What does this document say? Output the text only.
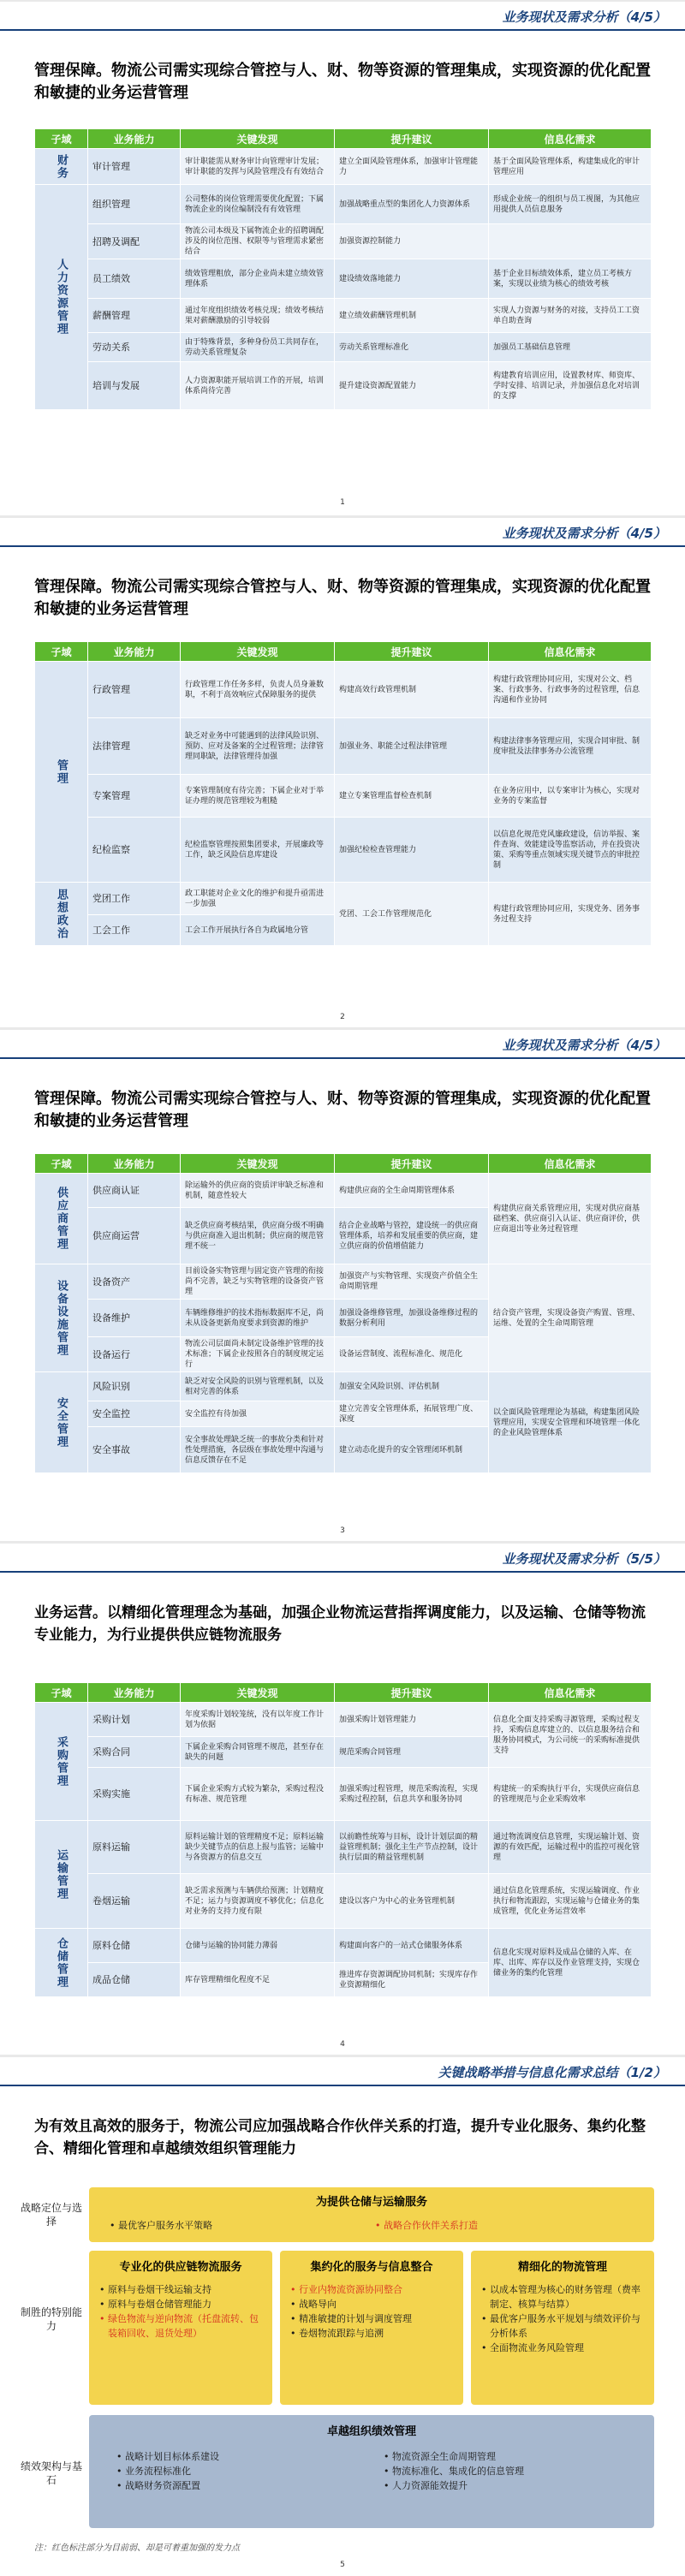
业务现状及需求分析（4/5）
管理保障。物流公司需实现综合管控与人、财、物等资源的管理集成，实现资源的优化配置和敏捷的业务运营管理
子域	业务能力	关键发现	提升建议	信息化需求
财务	审计管理	审计职能需从财务审计向管理审计发展；审计职能的发挥与风险管理没有有效结合	建立全面风险管理体系，加强审计管理能力	基于全面风险管理体系，构建集成化的审计管理应用
人力资源管理	组织管理	公司整体的岗位管理需要优化配置；下属物流企业的岗位编制没有有效管理	加强战略重点型的集团化人力资源体系	形成企业统一的组织与员工视图，为其他应用提供人员信息服务
	招聘及调配	物流公司本级及下属物流企业的招聘调配涉及的岗位范围、权限等与管理需求紧密结合	加强资源控制能力	
	员工绩效	绩效管理粗放，部分企业尚未建立绩效管理体系	建设绩效落地能力	基于企业目标绩效体系，建立员工考核方案，实现以业绩为核心的绩效考核
	薪酬管理	通过年度组织绩效考核兑现；绩效考核结果对薪酬激励的引导较弱	建立绩效薪酬管理机制	实现人力资源与财务的对接，支持员工工资单自助查询
	劳动关系	由于特殊背景，多种身份员工共同存在，劳动关系管理复杂	劳动关系管理标准化	加强员工基础信息管理
	培训与发展	人力资源职能开展培训工作的开展，培训体系尚待完善	提升建设资源配置能力	构建教育培训应用，设置教材库、师资库、学时安排、培训记录，并加强信息化对培训的支撑
1
业务现状及需求分析（4/5）
管理保障。物流公司需实现综合管控与人、财、物等资源的管理集成，实现资源的优化配置和敏捷的业务运营管理
子域	业务能力	关键发现	提升建议	信息化需求
管理	行政管理	行政管理工作任务多样，负责人员身兼数职，不利于高效响应式保障服务的提供	构建高效行政管理机制	构建行政管理协同应用，实现对公文、档案、行政事务、行政事务的过程管理，信息沟通和作业协同
	法律管理	缺乏对业务中可能遇到的法律风险识别、预防、应对及备案的全过程管理；法律管理同职缺，法律管理待加强	加强业务、职能全过程法律管理	构建法律事务管理应用，实现合同审批、制度审批及法律事务办公流管理
	专案管理	专案管理制度有待完善；下属企业对于举证办理的规范管理较为粗糙	建立专案管理监督检查机制	在业务应用中，以专案审计为核心，实现对业务的专案监督
	纪检监察	纪检监察管理按照集团要求，开展廉政等工作，缺乏风险信息库建设	加强纪检检查管理能力	以信息化规范党风廉政建设，信访举报、案件查询、效能建设等监察活动，并在投资决策、采购等重点领域实现关键节点的审批控制
思想政治	党团工作	政工职能对企业文化的维护和提升亟需进一步加强	党团、工会工作管理规范化	构建行政管理协同应用，实现党务、团务事务过程支持
	工会工作	工会工作开展执行各自为政属地分管		
2
业务现状及需求分析（4/5）
管理保障。物流公司需实现综合管控与人、财、物等资源的管理集成，实现资源的优化配置和敏捷的业务运营管理
子域	业务能力	关键发现	提升建议	信息化需求
供应商管理	供应商认证	除运输外的供应商的资质评审缺乏标准和机制，随意性较大	构建供应商的全生命周期管理体系	构建供应商关系管理应用，实现对供应商基础档案、供应商引入认证、供应商评价，供应商退出等业务过程管理
	供应商运营	缺乏供应商考核结果，供应商分级不明确与供应商准入退出机制；供应商的规范管理不统一	结合企业战略与管控，建设统一的供应商管理体系，培养和发展重要的供应商，建立供应商的价值增值能力	
设备设施管理	设备资产	目前设备实物管理与固定资产管理的衔接尚不完善，缺乏与实物管理的设备资产管理	加强资产与实物管理、实现资产价值全生命周期管理	结合资产管理，实现设备资产购置、管理、运维、处置的全生命周期管理
	设备维护	车辆维修维护的技术指标数据库不足，尚未从设备更新角度要求到资源的维护	加强设备维修管理，加强设备维修过程的数据分析利用	
	设备运行	物流公司层面尚未制定设备维护管理的技术标准；下属企业按照各自的制度规定运行	设备运营制度、流程标准化、规范化	
安全管理	风险识别	缺乏对安全风险的识别与管理机制，以及相对完善的体系	加强安全风险识别、评估机制	以全面风险管理理论为基础，构建集团风险管理应用，实现安全管理和环境管理一体化的企业风险管理体系
	安全监控	安全监控有待加强	建立完善安全管理体系，拓展管理广度、深度	
	安全事故	安全事故处理缺乏统一的事故分类和针对性处理措施，各层级在事故处理中沟通与信息反馈存在不足	建立动态化提升的安全管理闭环机制	
3
业务现状及需求分析（5/5）
业务运营。以精细化管理理念为基础，加强企业物流运营指挥调度能力，以及运输、仓储等物流专业能力，为行业提供供应链物流服务
子域	业务能力	关键发现	提升建议	信息化需求
采购管理	采购计划	年度采购计划较笼统，没有以年度工作计划为依据	加强采购计划管理能力	信息化全面支持采购寻源管理，采购过程支持，采购信息库建立的、以信息服务结合和服务协同模式，为公司统一的采购标准提供支持
	采购合同	下属企业采购合同管理不规范，甚至存在缺失的问题	规范采购合同管理	
	采购实施	下属企业采购方式较为繁杂，采购过程没有标准、规范管理	加强采购过程管理，规范采购流程，实现采购过程控制，信息共享和服务协同	构建统一的采购执行平台，实现供应商信息的管理规范与企业采购效率
运输管理	原料运输	原料运输计划的管理精度不足；原料运输缺少关键节点的信息上报与监管；运输中与各资源方的信息交互	以前瞻性统筹与目标，设计计划层面的精益管理机制；强化主生产节点控制，设计执行层面的精益管理机制	通过物流调度信息管理，实现运输计划、资源的有效匹配，运输过程中的监控可视化管理
	卷烟运输	缺乏需求预测与车辆供给预测；计划精度不足；运力与资源调度不够优化；信息化对业务的支持力度有限	建设以客户为中心的业务管理机制	通过信息化管理系统，实现运输调度、作业执行和物流跟踪，实现运输与仓储业务的集成管理，优化业务运营效率
仓储管理	原料仓储	仓储与运输的协同能力薄弱	构建面向客户的一站式仓储服务体系	信息化实现对原料及成品仓储的入库、在库、出库、库存以及作业管理支持，实现仓储业务的集约化管理
	成品仓储	库存管理精细化程度不足	推进库存资源调配协同机制；实现库存作业资源精细化	
4
关键战略举措与信息化需求总结（1/2）
为有效且高效的服务于，物流公司应加强战略合作伙伴关系的打造，提升专业化服务、集约化整合、精细化管理和卓越绩效组织管理能力
战略定位与选择
制胜的特别能力
绩效架构与基石
为提供仓储与运输服务
• 最优客户服务水平策略	• 战略合作伙伴关系打造
专业化的供应链物流服务
• 原料与卷烟干线运输支持
• 原料与卷烟仓储管理能力
• 绿色物流与逆向物流（托盘流转、包装箱回收、退货处理）
集约化的服务与信息整合
• 行业内物流资源协同整合
• 战略导向
• 精准敏捷的计划与调度管理
• 卷烟物流跟踪与追溯
精细化的物流管理
• 以成本管理为核心的财务管理（费率制定、核算与结算）
• 最优客户服务水平规划与绩效评价与分析体系
• 全面物流业务风险管理
卓越组织绩效管理
• 战略计划目标体系建设
• 业务流程标准化
• 战略财务资源配置
• 物流资源全生命周期管理
• 物流标准化、集成化的信息管理
• 人力资源能效提升
注：红色标注部分为目前弱、却是可着重加强的发力点
5
